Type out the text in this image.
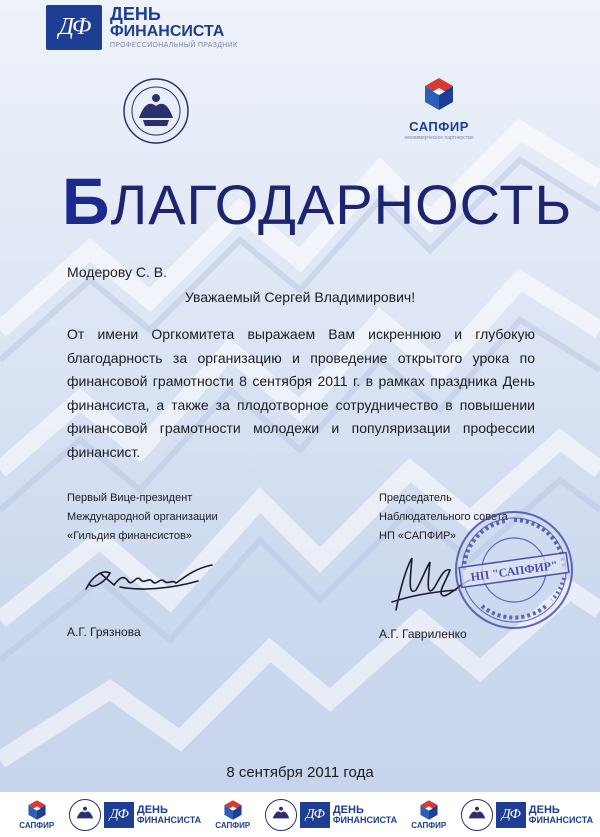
ДФ ДЕНЬ
ФИНАНСИСТА
ПРОФЕССИОНАЛЬНЫЙ ПРАЗДНИК
САПФИР
некоммерческое партнерство
БЛАГОДАРНОСТЬ
Модерову С. В.
Уважаемый Сергей Владимирович!
От имени Оргкомитета выражаем Вам искреннюю и глубокую благодарность за организацию и проведение открытого урока по финансовой грамотности 8 сентября 2011 г. в рамках праздника День финансиста, а также за плодотворное сотрудничество в повышении финансовой грамотности молодежи и популяризации профессии финансист.
Первый Вице-президент
Международной организации
«Гильдия финансистов»
А.Г. Грязнова
Председатель
Наблюдательного совета
НП «САПФИР»
НП "САПФИР"
А.Г. Гавриленко
8 сентября 2011 года
САПФИР
ДФ ДЕНЬ
ФИНАНСИСТА
САПФИР
ДФ ДЕНЬ
ФИНАНСИСТА
САПФИР
ДФ ДЕНЬ
ФИНАНСИСТА
